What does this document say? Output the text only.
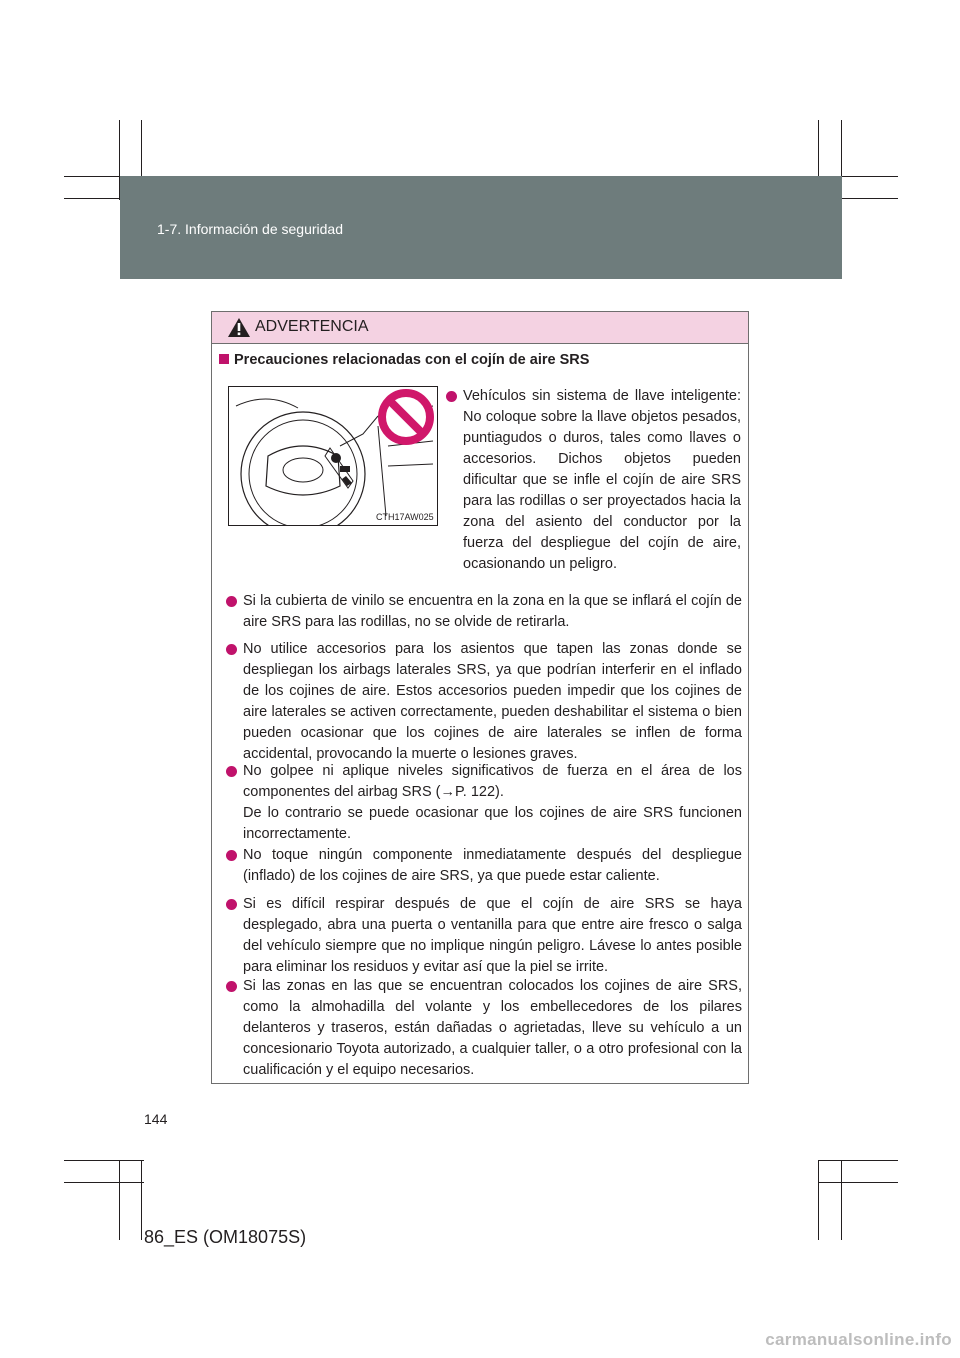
1-7. Información de seguridad
ADVERTENCIA
Precauciones relacionadas con el cojín de aire SRS
CTH17AW025
Vehículos sin sistema de llave inteligente: No coloque sobre la llave objetos pesados, puntiagudos o duros, tales como llaves o accesorios. Dichos objetos pueden dificultar que se infle el cojín de aire SRS para las rodillas o ser proyectados hacia la zona del asiento del conductor por la fuerza del despliegue del cojín de aire, ocasionando un peligro.
Si la cubierta de vinilo se encuentra en la zona en la que se inflará el cojín de aire SRS para las rodillas, no se olvide de retirarla.
No utilice accesorios para los asientos que tapen las zonas donde se despliegan los airbags laterales SRS, ya que podrían interferir en el inflado de los cojines de aire. Estos accesorios pueden impedir que los cojines de aire laterales se activen correctamente, pueden deshabilitar el sistema o bien pueden ocasionar que los cojines de aire laterales se inflen de forma accidental, provocando la muerte o lesiones graves.
No golpee ni aplique niveles significativos de fuerza en el área de los componentes del airbag SRS (→P. 122).
De lo contrario se puede ocasionar que los cojines de aire SRS funcionen incorrectamente.
No toque ningún componente inmediatamente después del despliegue (inflado) de los cojines de aire SRS, ya que puede estar caliente.
Si es difícil respirar después de que el cojín de aire SRS se haya desplegado, abra una puerta o ventanilla para que entre aire fresco o salga del vehículo siempre que no implique ningún peligro. Lávese lo antes posible para eliminar los residuos y evitar así que la piel se irrite.
Si las zonas en las que se encuentran colocados los cojines de aire SRS, como la almohadilla del volante y los embellecedores de los pilares delanteros y traseros, están dañadas o agrietadas, lleve su vehículo a un concesionario Toyota autorizado, a cualquier taller, o a otro profesional con la cualificación y el equipo necesarios.
144
86_ES (OM18075S)
carmanualsonline.info
